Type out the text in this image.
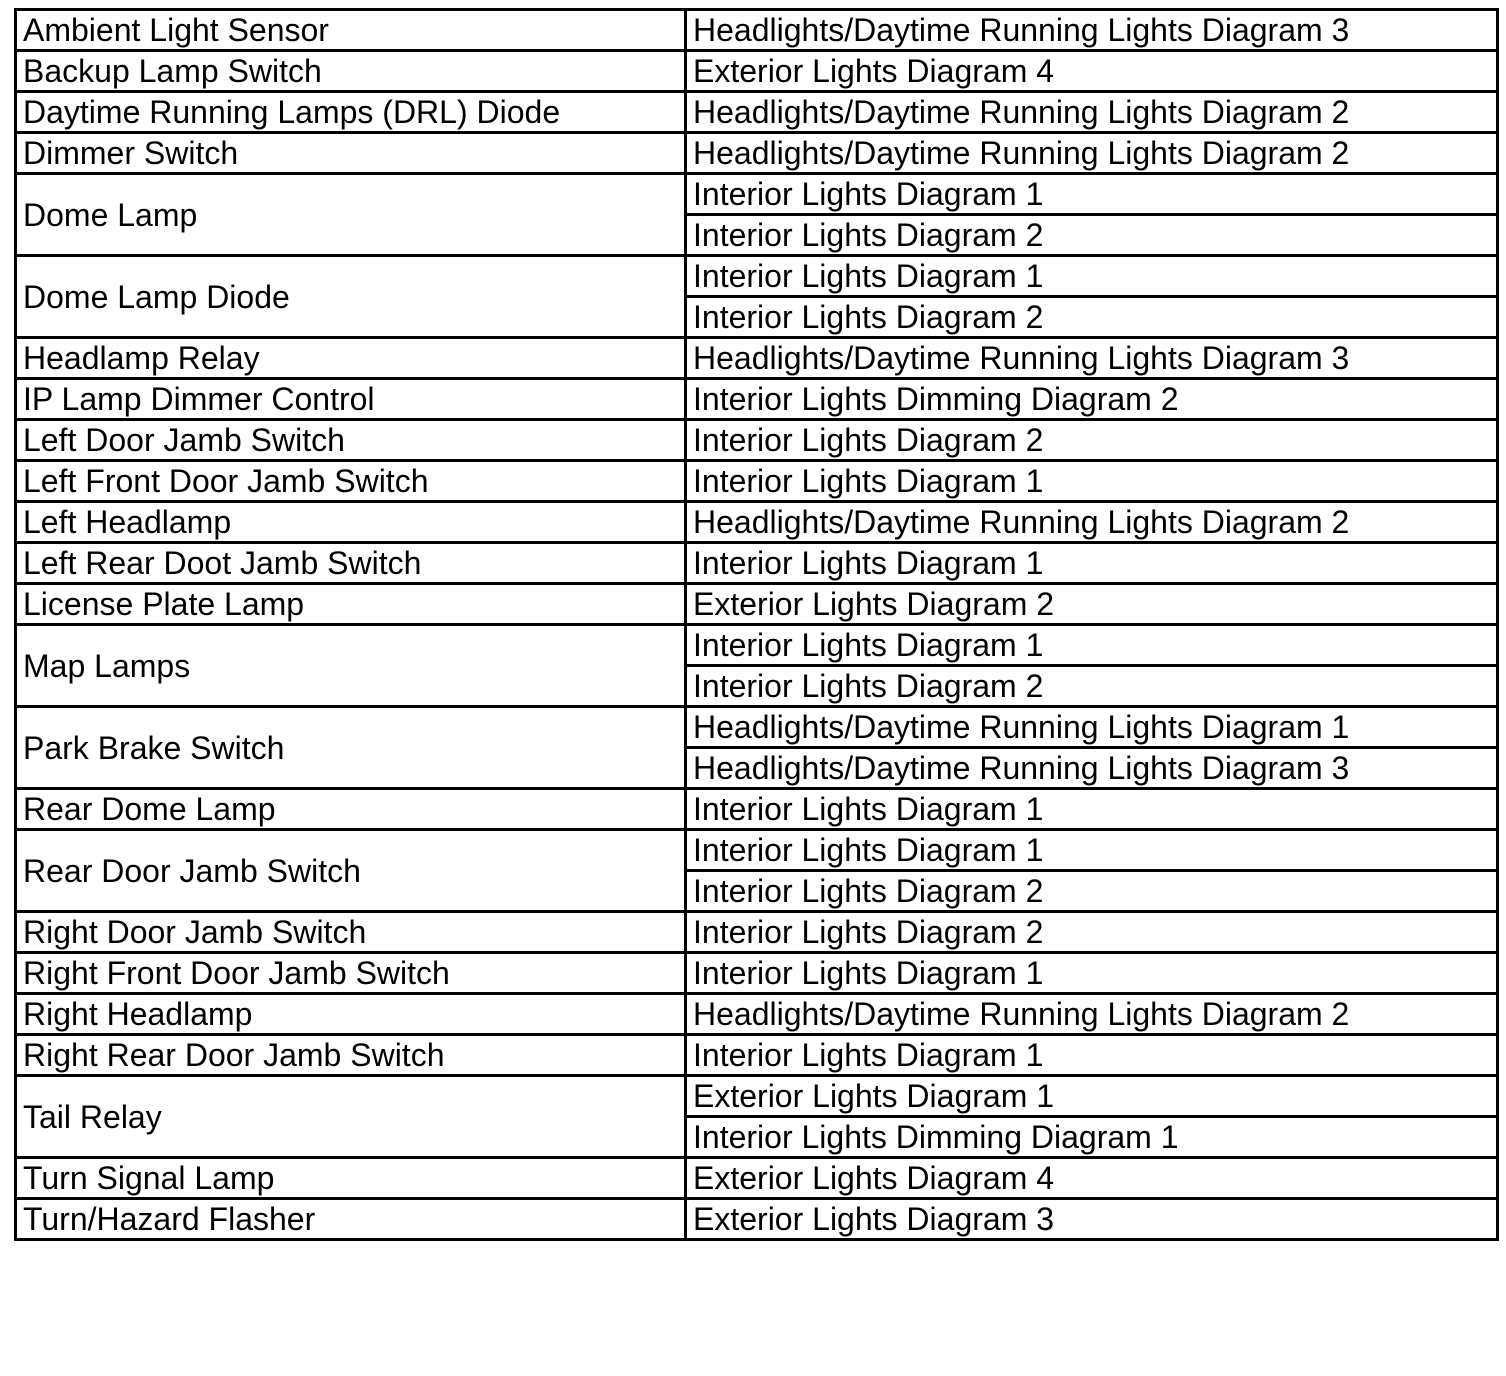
Ambient Light Sensor	Headlights/Daytime Running Lights Diagram 3
Backup Lamp Switch	Exterior Lights Diagram 4
Daytime Running Lamps (DRL) Diode	Headlights/Daytime Running Lights Diagram 2
Dimmer Switch	Headlights/Daytime Running Lights Diagram 2
Dome Lamp	Interior Lights Diagram 1
	Interior Lights Diagram 2
Dome Lamp Diode	Interior Lights Diagram 1
	Interior Lights Diagram 2
Headlamp Relay	Headlights/Daytime Running Lights Diagram 3
IP Lamp Dimmer Control	Interior Lights Dimming Diagram 2
Left Door Jamb Switch	Interior Lights Diagram 2
Left Front Door Jamb Switch	Interior Lights Diagram 1
Left Headlamp	Headlights/Daytime Running Lights Diagram 2
Left Rear Doot Jamb Switch	Interior Lights Diagram 1
License Plate Lamp	Exterior Lights Diagram 2
Map Lamps	Interior Lights Diagram 1
	Interior Lights Diagram 2
Park Brake Switch	Headlights/Daytime Running Lights Diagram 1
	Headlights/Daytime Running Lights Diagram 3
Rear Dome Lamp	Interior Lights Diagram 1
Rear Door Jamb Switch	Interior Lights Diagram 1
	Interior Lights Diagram 2
Right Door Jamb Switch	Interior Lights Diagram 2
Right Front Door Jamb Switch	Interior Lights Diagram 1
Right Headlamp	Headlights/Daytime Running Lights Diagram 2
Right Rear Door Jamb Switch	Interior Lights Diagram 1
Tail Relay	Exterior Lights Diagram 1
	Interior Lights Dimming Diagram 1
Turn Signal Lamp	Exterior Lights Diagram 4
Turn/Hazard Flasher	Exterior Lights Diagram 3
